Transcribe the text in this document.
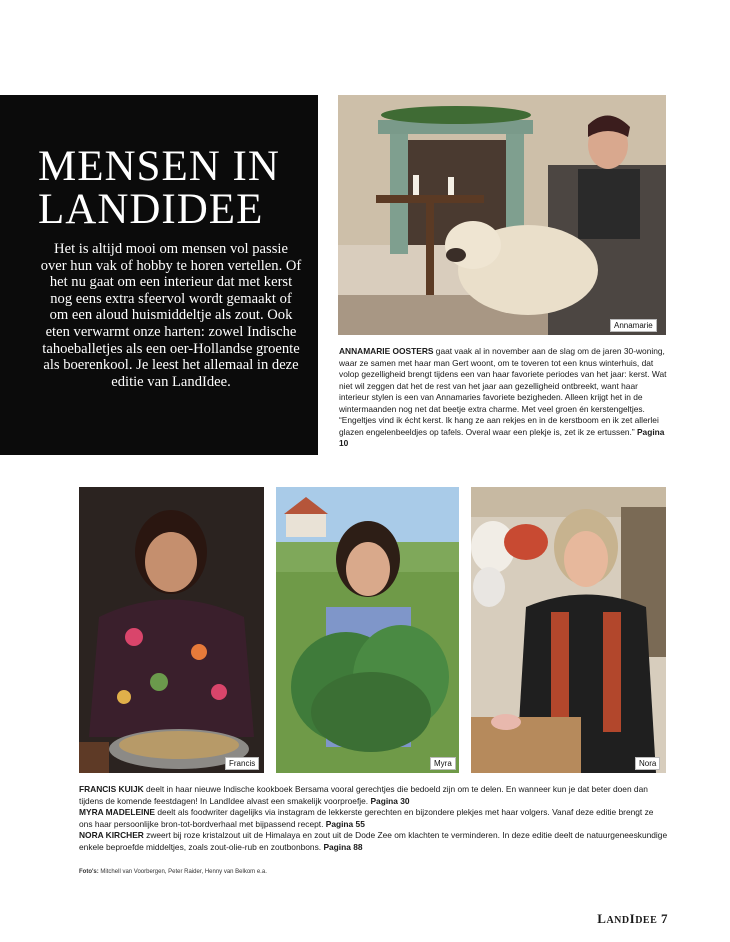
MENSEN IN
LANDIDEE

Het is altijd mooi om mensen vol passie over hun vak of hobby te horen vertellen. Of het nu gaat om een interieur dat met kerst nog eens extra sfeervol wordt gemaakt of om een aloud huismiddeltje als zout. Ook eten verwarmt onze harten: zowel Indische tahoeballetjes als een oer-Hollandse groente als boerenkool. Je leest het allemaal in deze editie van LandIdee.

Annamarie
ANNAMARIE OOSTERS gaat vaak al in november aan de slag om de jaren 30-woning, waar ze samen met haar man Gert woont, om te toveren tot een knus winterhuis, dat volop gezelligheid brengt tijdens een van haar favoriete periodes van het jaar: kerst. Wat niet wil zeggen dat het de rest van het jaar aan gezelligheid ontbreekt, want haar interieur stylen is een van Annamaries favoriete bezigheden. Alleen krijgt het in de wintermaanden nog net dat beetje extra charme. Met veel groen én kerstengeltjes. “Engeltjes vind ik écht kerst. Ik hang ze aan rekjes en in de kerstboom en ik zet allerlei glazen engelenbeeldjes op tafels. Overal waar een plekje is, zet ik ze ertussen.” Pagina 10
Francis	Myra	Nora
FRANCIS KUIJK deelt in haar nieuwe Indische kookboek Bersama vooral gerechtjes die bedoeld zijn om te delen. En wanneer kun je dat beter doen dan tijdens de komende feestdagen! In LandIdee alvast een smakelijk voorproefje. Pagina 30
MYRA MADELEINE deelt als foodwriter dagelijks via instagram de lekkerste gerechten en bijzondere plekjes met haar volgers. Vanaf deze editie brengt ze ons haar persoonlijke bron-tot-bordverhaal met bijpassend recept. Pagina 55
NORA KIRCHER zweert bij roze kristalzout uit de Himalaya en zout uit de Dode Zee om klachten te verminderen. In deze editie deelt de natuurgeneeskundige enkele beproefde middeltjes, zoals zout-olie-rub en zoutbonbons. Pagina 88
Foto's: Mitchell van Voorbergen, Peter Raider, Henny van Belkom e.a.
LANDIDEE 7
